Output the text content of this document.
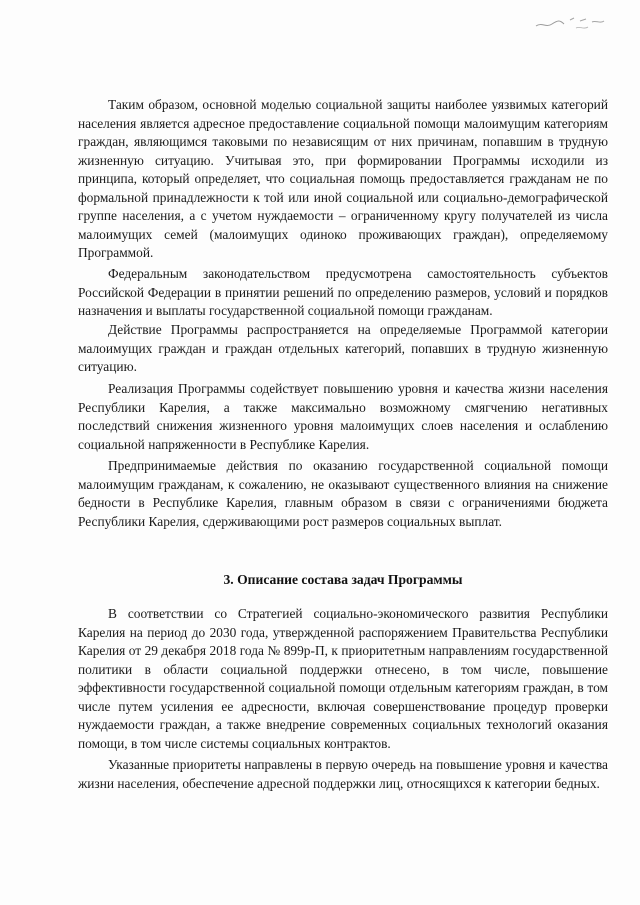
Таким образом, основной моделью социальной защиты наиболее уязвимых категорий населения является адресное предоставление социальной помощи малоимущим категориям граждан, являющимся таковыми по независящим от них причинам, попавшим в трудную жизненную ситуацию. Учитывая это, при формировании Программы исходили из принципа, который определяет, что социальная помощь предоставляется гражданам не по формальной принадлежности к той или иной социальной или социально-демографической группе населения, а с учетом нуждаемости – ограниченному кругу получателей из числа малоимущих семей (малоимущих одиноко проживающих граждан), определяемому Программой.

Федеральным законодательством предусмотрена самостоятельность субъектов Российской Федерации в принятии решений по определению размеров, условий и порядков назначения и выплаты государственной социальной помощи гражданам.

Действие Программы распространяется на определяемые Программой категории малоимущих граждан и граждан отдельных категорий, попавших в трудную жизненную ситуацию.

Реализация Программы содействует повышению уровня и качества жизни населения Республики Карелия, а также максимально возможному смягчению негативных последствий снижения жизненного уровня малоимущих слоев населения и ослаблению социальной напряженности в Республике Карелия.

Предпринимаемые действия по оказанию государственной социальной помощи малоимущим гражданам, к сожалению, не оказывают существенного влияния на снижение бедности в Республике Карелия, главным образом в связи с ограничениями бюджета Республики Карелия, сдерживающими рост размеров социальных выплат.

3. Описание состава задач Программы

В соответствии со Стратегией социально-экономического развития Республики Карелия на период до 2030 года, утвержденной распоряжением Правительства Республики Карелия от 29 декабря 2018 года № 899р-П, к приоритетным направлениям государственной политики в области социальной поддержки отнесено, в том числе, повышение эффективности государственной социальной помощи отдельным категориям граждан, в том числе путем усиления ее адресности, включая совершенствование процедур проверки нуждаемости граждан, а также внедрение современных социальных технологий оказания помощи, в том числе системы социальных контрактов.

Указанные приоритеты направлены в первую очередь на повышение уровня и качества жизни населения, обеспечение адресной поддержки лиц, относящихся к категории бедных.
